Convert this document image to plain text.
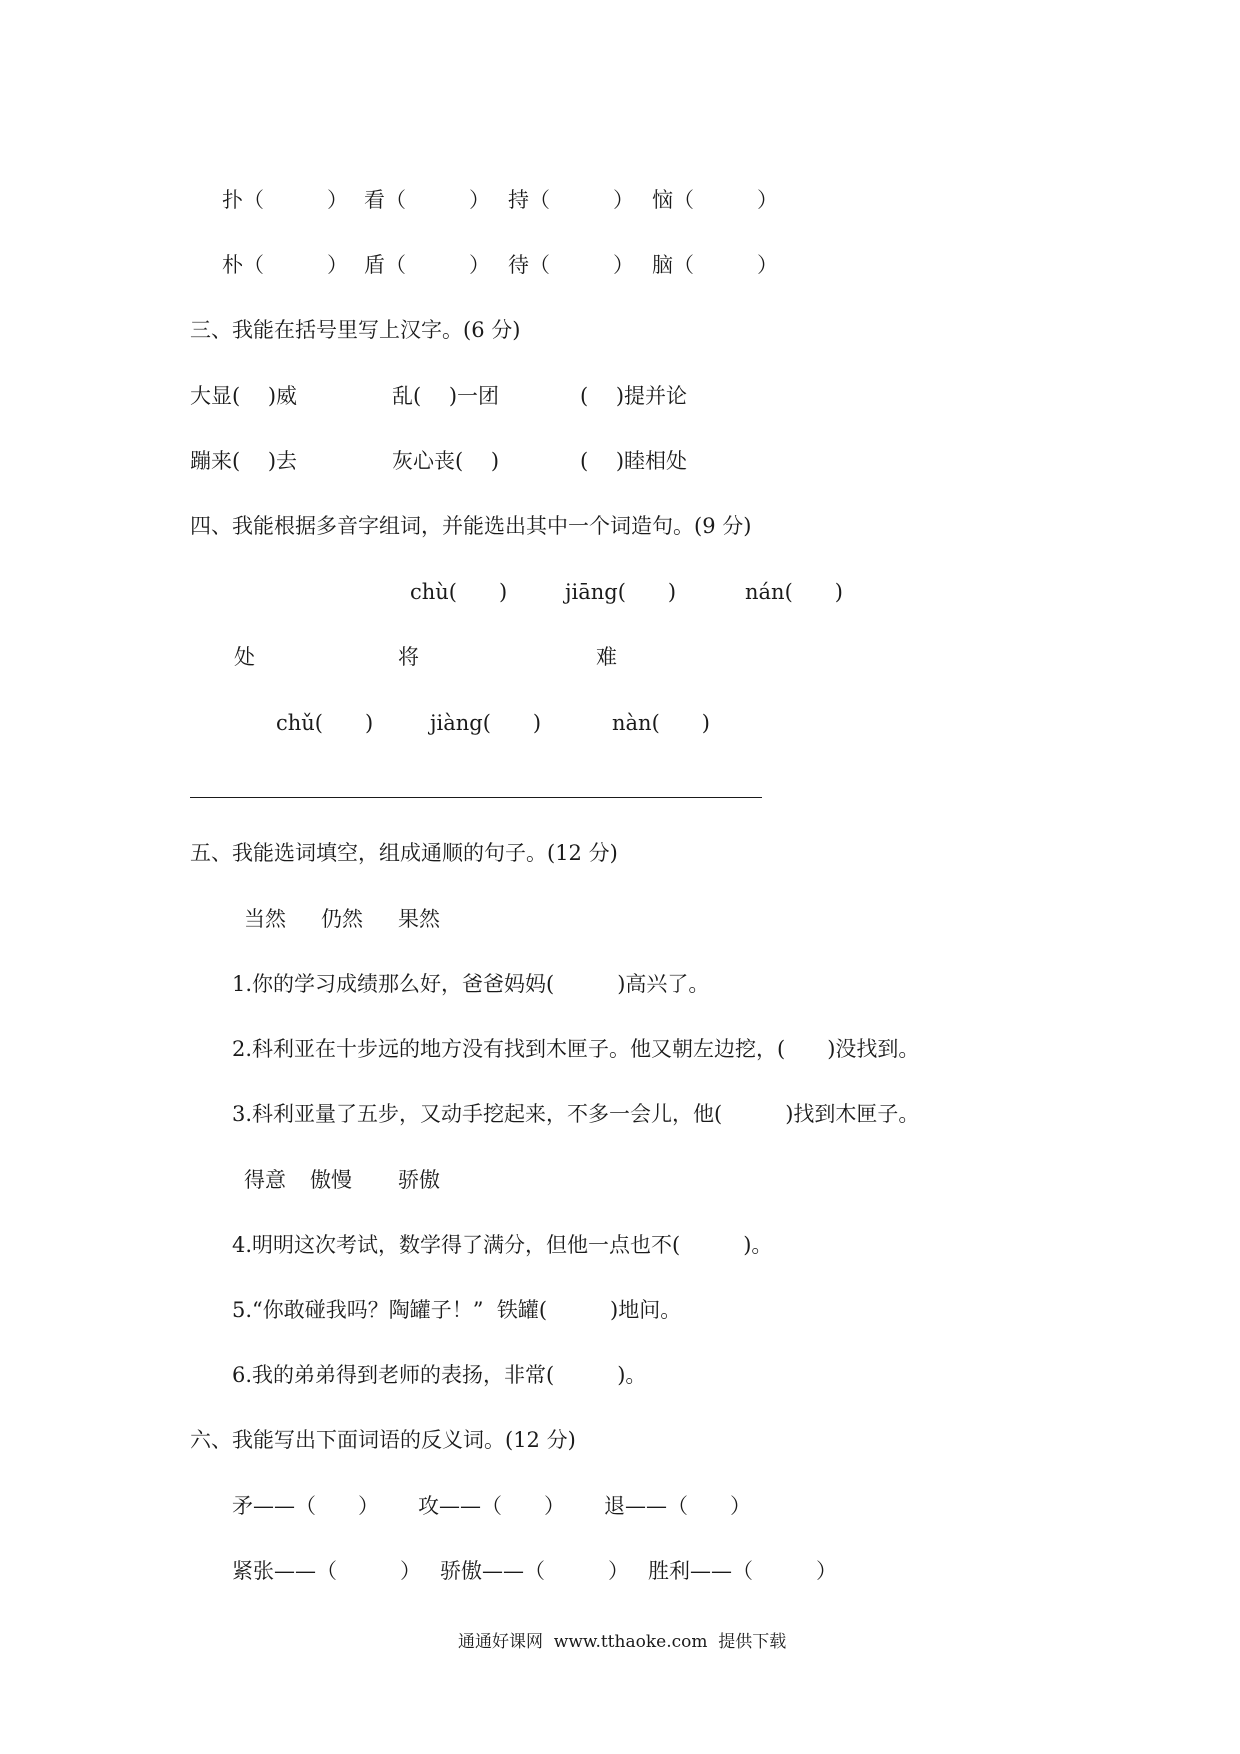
扑（　　　） 看（　　　） 持（　　　） 恼（　　　）

朴（　　　） 盾（　　　） 待（　　　） 脑（　　　）

三、我能在括号里写上汉字。(6 分)

大显(　 )威	乱(　 )一团	(　 )提并论

蹦来(　 )去	灰心丧(　 )	(　 )睦相处

四、我能根据多音字组词，并能选出其中一个词造句。(9 分)

chù(　　)	jiāng(　　)	nán(　　)

处	将	难

chǔ(　　)	jiàng(　　)	nàn(　　)

五、我能选词填空，组成通顺的句子。(12 分)

当然 仍然 果然

1.你的学习成绩那么好，爸爸妈妈(　　　)高兴了。

2.科利亚在十步远的地方没有找到木匣子。他又朝左边挖，(　　)没找到。

3.科利亚量了五步，又动手挖起来，不多一会儿，他(　　　)找到木匣子。

得意 傲慢 骄傲

4.明明这次考试，数学得了满分，但他一点也不(　　　)。

5.“你敢碰我吗？陶罐子！”  铁罐(　　　)地问。

6.我的弟弟得到老师的表扬，非常(　　　)。

六、我能写出下面词语的反义词。(12 分)

矛——（　　） 攻——（　　） 退——（　　）

紧张——（　　　） 骄傲——（　　　） 胜利——（　　　）

通通好课网  www.tthaoke.com  提供下载
